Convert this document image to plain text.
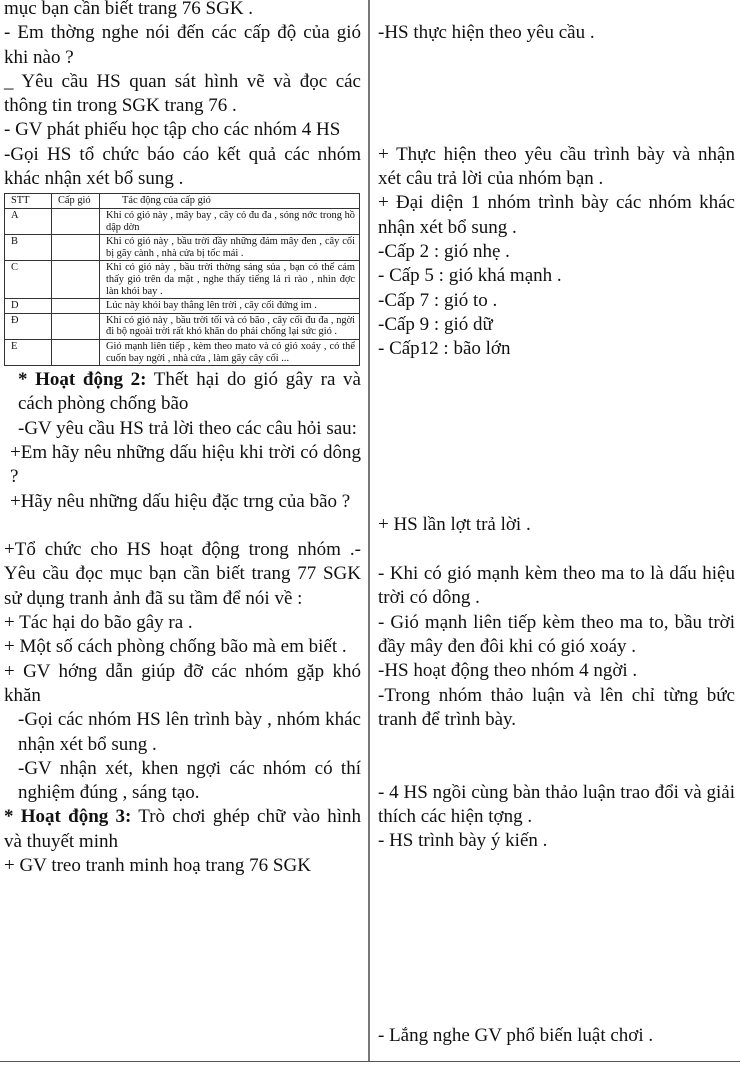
mục bạn cần biết trang 76 SGK .

- Em thờng nghe nói đến các cấp độ của gió khi nào ?

_ Yêu cầu HS quan sát hình vẽ và đọc các thông tin trong SGK trang 76 .

- GV phát phiếu học tập cho các nhóm 4 HS

-Gọi HS tổ chức báo cáo kết quả các nhóm khác nhận xét bổ sung .

STT	Cấp gió	Tác động của cấp gió
A		Khi có gió này , mây bay , cây cỏ đu đa , sóng nớc trong hồ dập dờn
B		Khi có gió này , bầu trời đầy những đám mây đen , cây cối bị gãy cành , nhà cửa bị tốc mái .
C		Khi có gió này , bầu trời thờng sáng sủa , bạn có thể cảm thấy gió trên da mặt , nghe thấy tiếng lá rì rào , nhìn đợc làn khói bay .
D		Lúc này khói bay thẳng lên trời , cây cối đứng im .
Đ		Khi có gió này , bầu trời tối và có bão , cây cối đu đa , ngời đi bộ ngoài trời rất khó khăn do phải chống lại sức gió .
E		Gió mạnh liên tiếp , kèm theo mato và có gió xoáy , có thể cuốn bay ngời , nhà cửa , làm gãy cây cối ...

* Hoạt động 2: Thết hại do gió gây ra và cách phòng chống bão

-GV yêu cầu HS trả lời theo các câu hỏi sau:

+Em hãy nêu những dấu hiệu khi trời có dông ?

+Hãy nêu những dấu hiệu đặc trng của bão ?

+Tổ chức cho HS hoạt động trong nhóm .- Yêu cầu đọc mục bạn cần biết trang 77 SGK sử dụng tranh ảnh đã su tầm để nói về :

+ Tác hại do bão gây ra .

+ Một số cách phòng chống bão mà em biết .

+ GV hớng dẫn giúp đỡ các nhóm gặp khó khăn

-Gọi các nhóm HS lên trình bày , nhóm khác nhận xét bổ sung .

-GV nhận xét, khen ngợi các nhóm có thí nghiệm đúng , sáng tạo.

* Hoạt động 3: Trò chơi ghép chữ vào hình và thuyết minh

+ GV treo tranh minh hoạ trang 76 SGK

-HS thực hiện theo yêu cầu .

+ Thực hiện theo yêu cầu trình bày và nhận xét câu trả lời của nhóm bạn .

+ Đại diện 1 nhóm trình bày các nhóm khác nhận xét bổ sung .

-Cấp 2 : gió nhẹ .

- Cấp 5 : gió khá mạnh .

-Cấp 7 : gió to .

-Cấp 9 : gió dữ

- Cấp12 : bão lớn

+ HS lần lợt trả lời .

- Khi có gió mạnh kèm theo ma to là dấu hiệu trời có dông .

- Gió mạnh liên tiếp kèm theo ma to, bầu trời đầy mây đen đôi khi có gió xoáy .

-HS hoạt động theo nhóm 4 ngời .

-Trong nhóm thảo luận và lên chỉ từng bức tranh để trình bày.

- 4 HS ngồi cùng bàn thảo luận trao đổi và giải thích các hiện tợng .

- HS trình bày ý kiến .

- Lắng nghe GV phổ biến luật chơi .
